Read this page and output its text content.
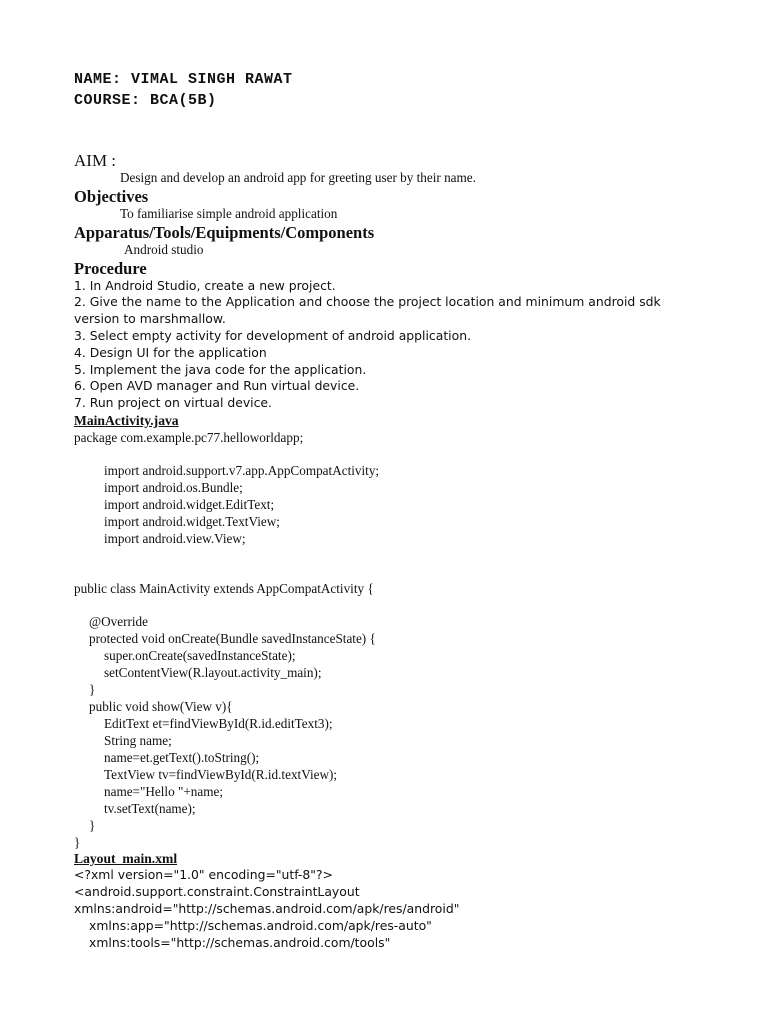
NAME: VIMAL SINGH RAWAT
COURSE: BCA(5B)
AIM :
Design and develop an android app for greeting user by their name.
Objectives
To familiarise simple android application
Apparatus/Tools/Equipments/Components
Android studio
Procedure
1. In Android Studio, create a new project.
2. Give the name to the Application and choose the project location and minimum android sdk
version to marshmallow.
3. Select empty activity for development of android application.
4. Design UI for the application
5. Implement the java code for the application.
6. Open AVD manager and Run virtual device.
7. Run project on virtual device.
MainActivity.java
package com.example.pc77.helloworldapp;
import android.support.v7.app.AppCompatActivity;
import android.os.Bundle;
import android.widget.EditText;
import android.widget.TextView;
import android.view.View;
public class MainActivity extends AppCompatActivity {
@Override
protected void onCreate(Bundle savedInstanceState) {
super.onCreate(savedInstanceState);
setContentView(R.layout.activity_main);
}
public void show(View v){
EditText et=findViewById(R.id.editText3);
String name;
name=et.getText().toString();
TextView tv=findViewById(R.id.textView);
name="Hello "+name;
tv.setText(name);
}
}
Layout_main.xml
<?xml version="1.0" encoding="utf-8"?>
<android.support.constraint.ConstraintLayout
xmlns:android="http://schemas.android.com/apk/res/android"
xmlns:app="http://schemas.android.com/apk/res-auto"
xmlns:tools="http://schemas.android.com/tools"
